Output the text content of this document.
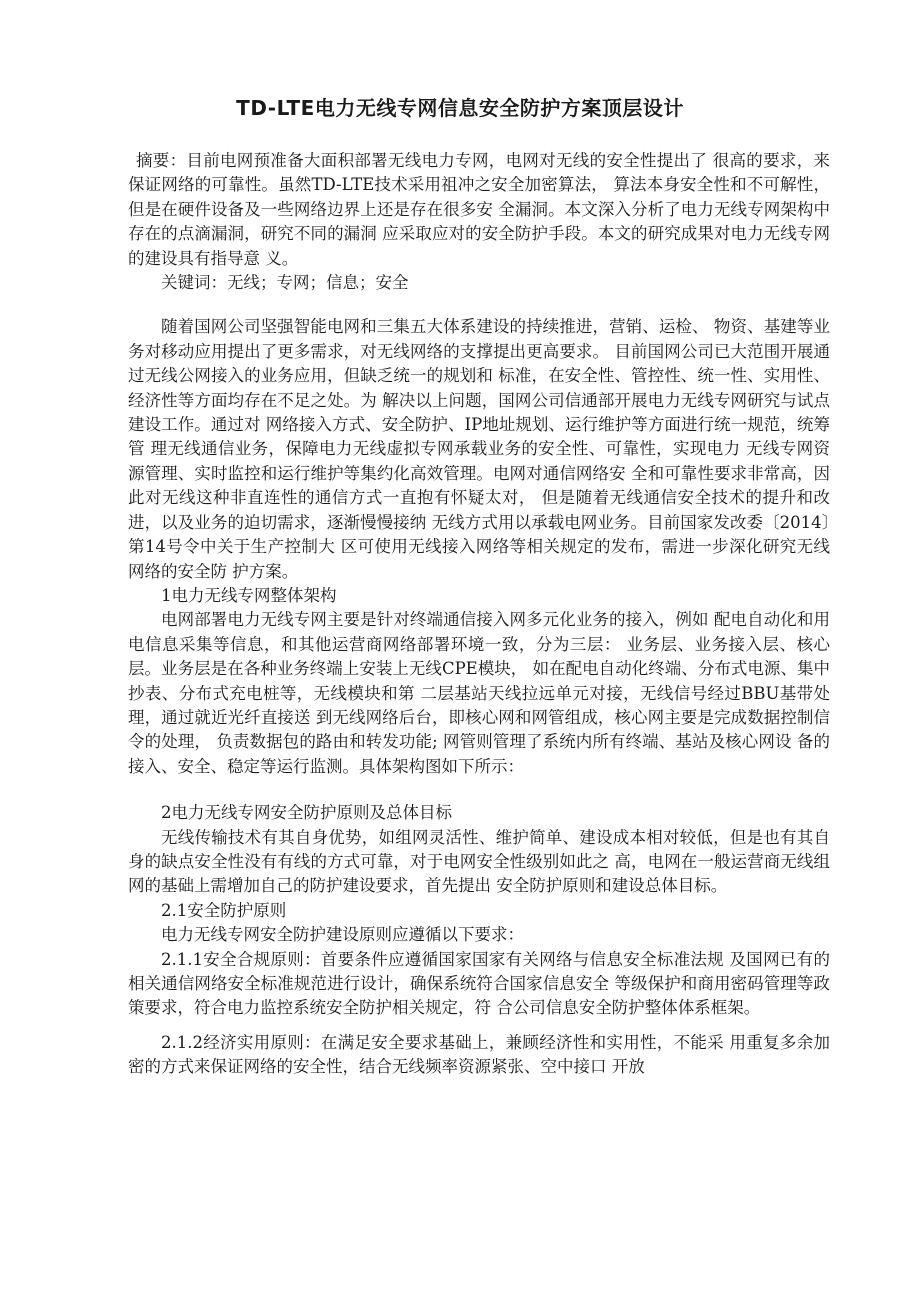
TD-LTE电力无线专网信息安全防护方案顶层设计

摘要：目前电网预准备大面积部署无线电力专网，电网对无线的安全性提出了 很高的要求，来保证网络的可靠性。虽然TD-LTE技术采用祖冲之安全加密算法， 算法本身安全性和不可解性，但是在硬件设备及一些网络边界上还是存在很多安 全漏洞。本文深入分析了电力无线专网架构中存在的点滴漏洞，研究不同的漏洞 应采取应对的安全防护手段。本文的研究成果对电力无线专网的建设具有指导意 义。

关键词：无线；专网；信息；安全

随着国网公司坚强智能电网和三集五大体系建设的持续推进，营销、运检、 物资、基建等业务对移动应用提出了更多需求，对无线网络的支撑提出更高要求。 目前国网公司已大范围开展通过无线公网接入的业务应用，但缺乏统一的规划和 标准，在安全性、管控性、统一性、实用性、经济性等方面均存在不足之处。为 解决以上问题，国网公司信通部开展电力无线专网研究与试点建设工作。通过对 网络接入方式、安全防护、IP地址规划、运行维护等方面进行统一规范，统筹管 理无线通信业务，保障电力无线虚拟专网承载业务的安全性、可靠性，实现电力 无线专网资源管理、实时监控和运行维护等集约化高效管理。电网对通信网络安 全和可靠性要求非常高，因此对无线这种非直连性的通信方式一直抱有怀疑太对， 但是随着无线通信安全技术的提升和改进，以及业务的迫切需求，逐渐慢慢接纳 无线方式用以承载电网业务。目前国家发改委〔2014〕第14号令中关于生产控制大 区可使用无线接入网络等相关规定的发布，需进一步深化研究无线网络的安全防 护方案。

1电力无线专网整体架构

电网部署电力无线专网主要是针对终端通信接入网多元化业务的接入，例如 配电自动化和用电信息采集等信息，和其他运营商网络部署环境一致，分为三层： 业务层、业务接入层、核心层。业务层是在各种业务终端上安装上无线CPE模块， 如在配电自动化终端、分布式电源、集中抄表、分布式充电桩等，无线模块和第 二层基站天线拉远单元对接，无线信号经过BBU基带处理，通过就近光纤直接送 到无线网络后台，即核心网和网管组成，核心网主要是完成数据控制信令的处理， 负责数据包的路由和转发功能; 网管则管理了系统内所有终端、基站及核心网设 备的接入、安全、稳定等运行监测。具体架构图如下所示：

2电力无线专网安全防护原则及总体目标

无线传输技术有其自身优势，如组网灵活性、维护简单、建设成本相对较低，但是也有其自身的缺点安全性没有有线的方式可靠，对于电网安全性级别如此之 高，电网在一般运营商无线组网的基础上需增加自己的防护建设要求，首先提出 安全防护原则和建设总体目标。

2.1安全防护原则

电力无线专网安全防护建设原则应遵循以下要求：

2.1.1安全合规原则：首要条件应遵循国家国家有关网络与信息安全标准法规 及国网已有的相关通信网络安全标准规范进行设计，确保系统符合国家信息安全 等级保护和商用密码管理等政策要求，符合电力监控系统安全防护相关规定，符 合公司信息安全防护整体体系框架。

2.1.2经济实用原则：在满足安全要求基础上，兼顾经济性和实用性，不能采 用重复多余加密的方式来保证网络的安全性，结合无线频率资源紧张、空中接口 开放
